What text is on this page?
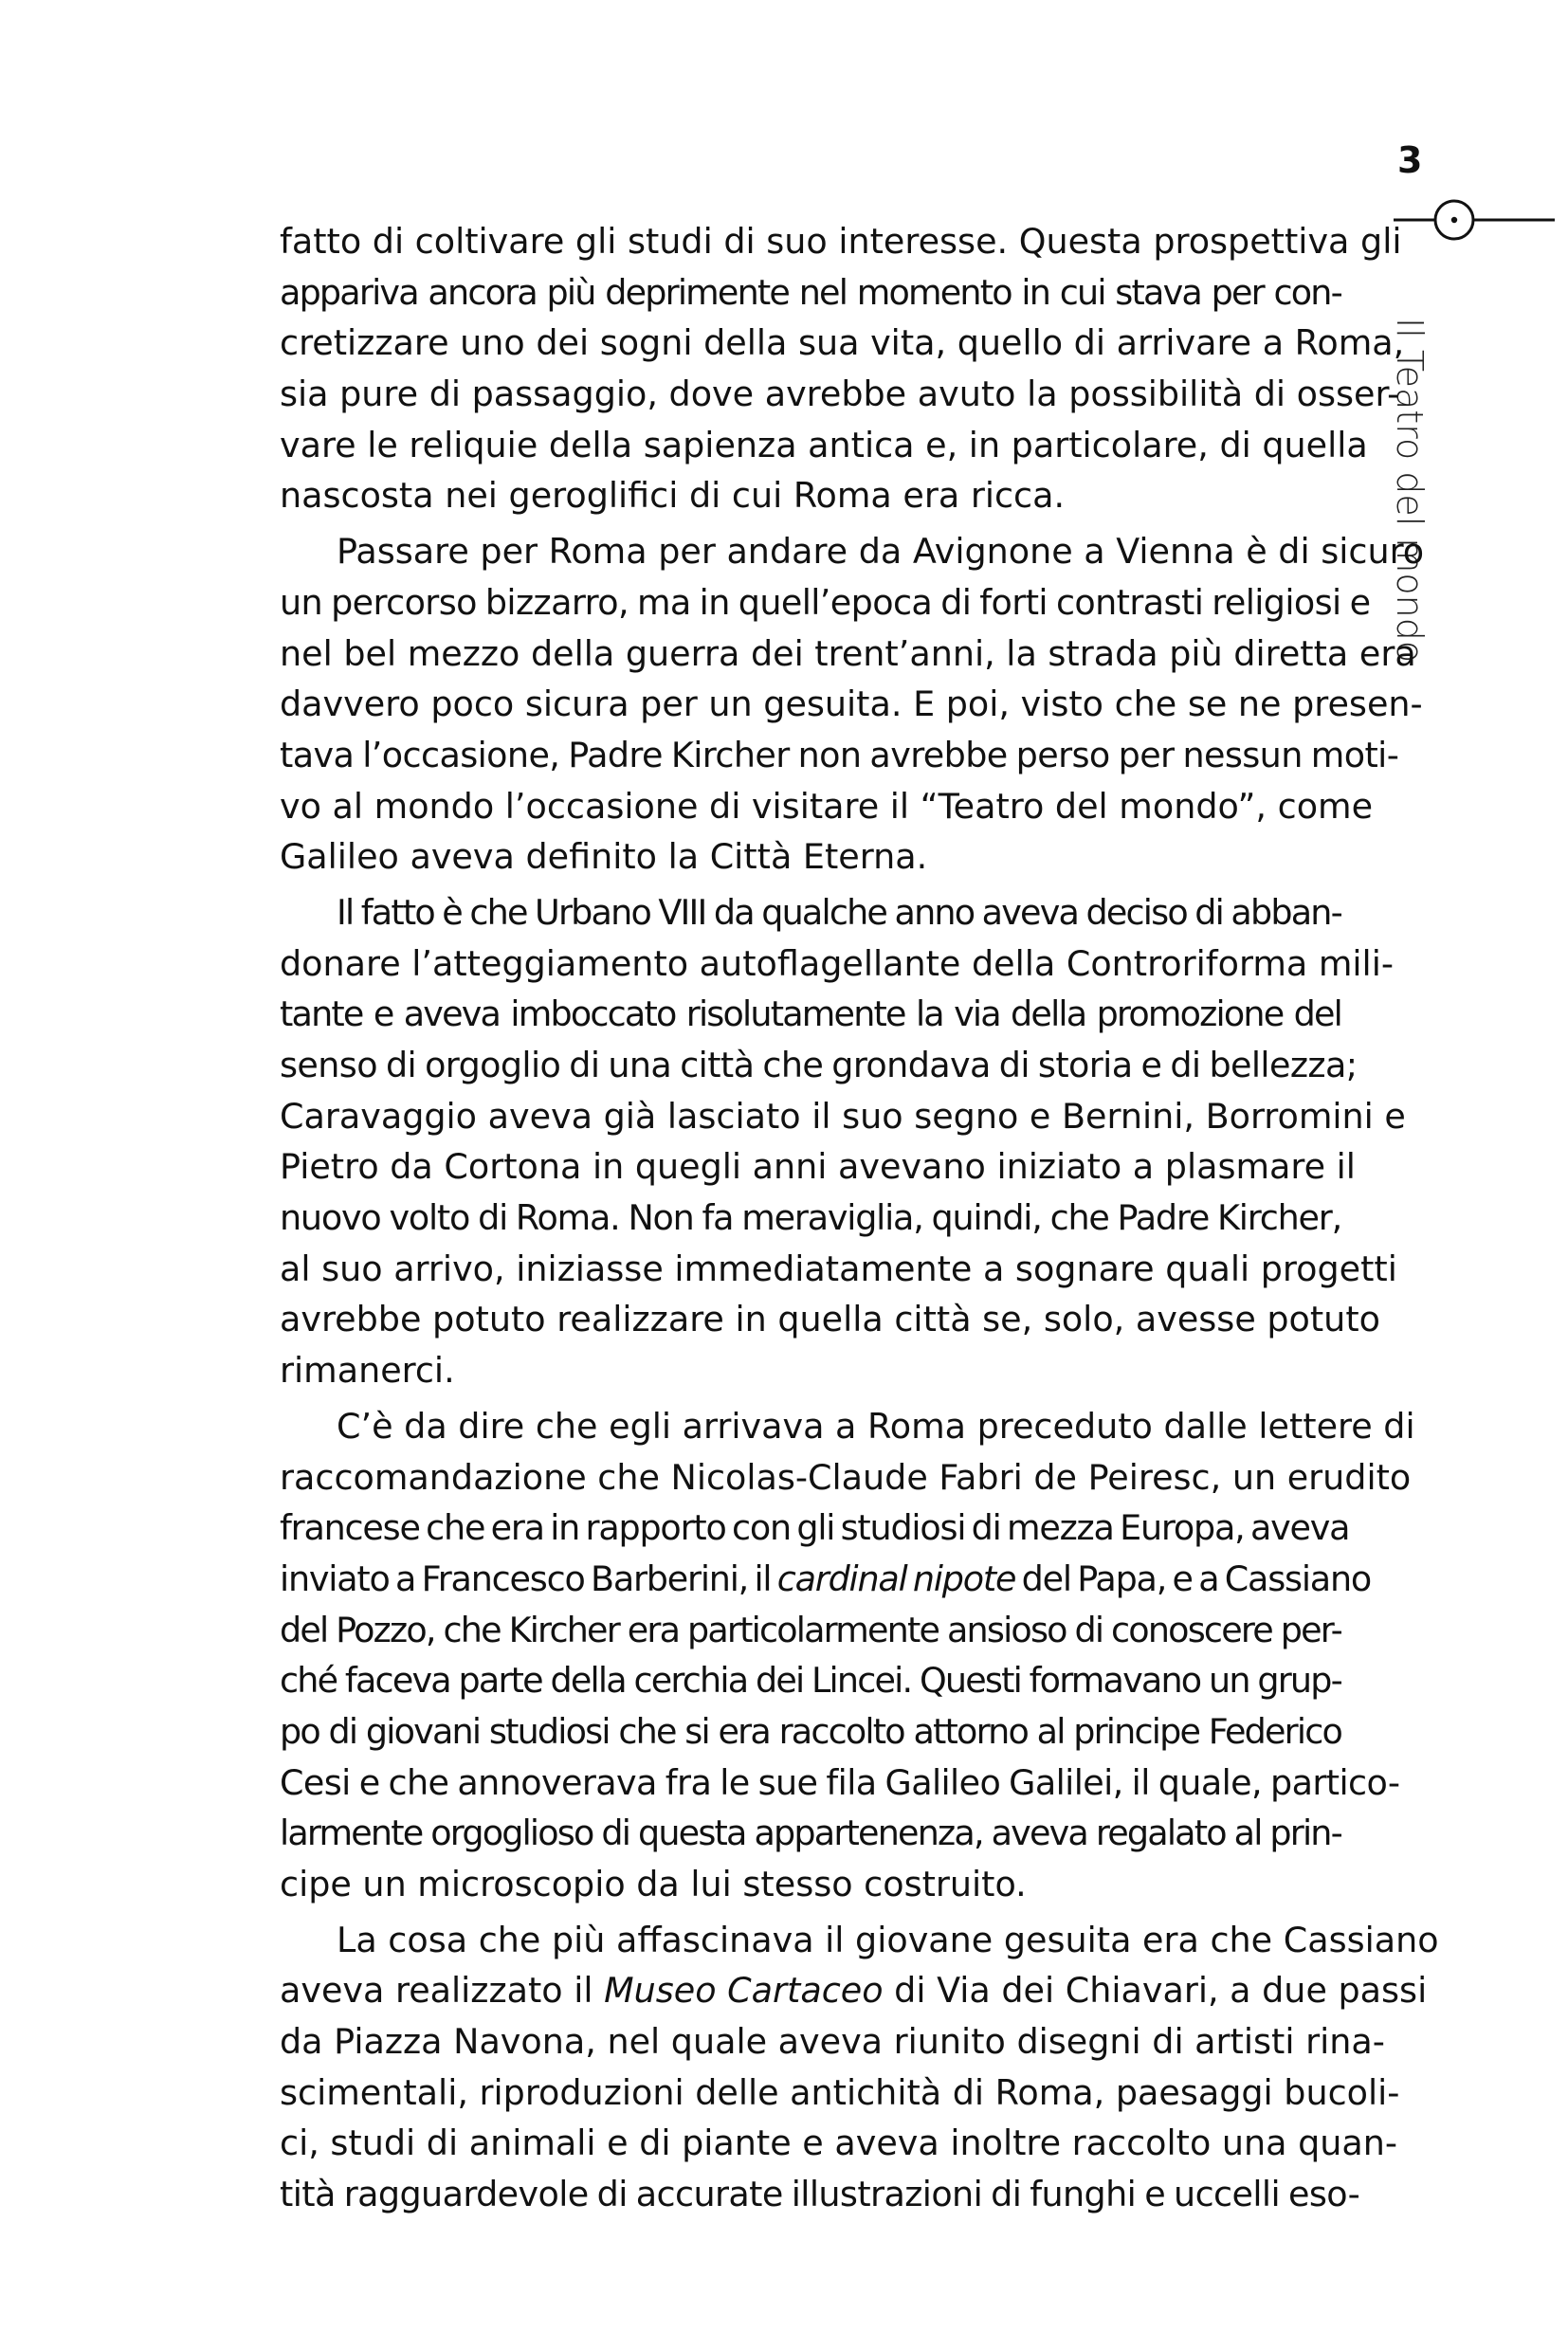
3
Il Teatro del mondo

fatto di coltivare gli studi di suo interesse. Questa prospettiva gli
appariva ancora più deprimente nel momento in cui stava per con-
cretizzare uno dei sogni della sua vita, quello di arrivare a Roma,
sia pure di passaggio, dove avrebbe avuto la possibilità di osser-
vare le reliquie della sapienza antica e, in particolare, di quella
nascosta nei geroglifici di cui Roma era ricca.

Passare per Roma per andare da Avignone a Vienna è di sicuro
un percorso bizzarro, ma in quell’epoca di forti contrasti religiosi e
nel bel mezzo della guerra dei trent’anni, la strada più diretta era
davvero poco sicura per un gesuita. E poi, visto che se ne presen-
tava l’occasione, Padre Kircher non avrebbe perso per nessun moti-
vo al mondo l’occasione di visitare il “Teatro del mondo”, come
Galileo aveva definito la Città Eterna.

Il fatto è che Urbano VIII da qualche anno aveva deciso di abban-
donare l’atteggiamento autoflagellante della Controriforma mili-
tante e aveva imboccato risolutamente la via della promozione del
senso di orgoglio di una città che grondava di storia e di bellezza;
Caravaggio aveva già lasciato il suo segno e Bernini, Borromini e
Pietro da Cortona in quegli anni avevano iniziato a plasmare il
nuovo volto di Roma. Non fa meraviglia, quindi, che Padre Kircher,
al suo arrivo, iniziasse immediatamente a sognare quali progetti
avrebbe potuto realizzare in quella città se, solo, avesse potuto
rimanerci.

C’è da dire che egli arrivava a Roma preceduto dalle lettere di
raccomandazione che Nicolas-Claude Fabri de Peiresc, un erudito
francese che era in rapporto con gli studiosi di mezza Europa, aveva
inviato a Francesco Barberini, il cardinal nipote del Papa, e a Cassiano
del Pozzo, che Kircher era particolarmente ansioso di conoscere per-
ché faceva parte della cerchia dei Lincei. Questi formavano un grup-
po di giovani studiosi che si era raccolto attorno al principe Federico
Cesi e che annoverava fra le sue fila Galileo Galilei, il quale, partico-
larmente orgoglioso di questa appartenenza, aveva regalato al prin-
cipe un microscopio da lui stesso costruito.

La cosa che più affascinava il giovane gesuita era che Cassiano
aveva realizzato il Museo Cartaceo di Via dei Chiavari, a due passi
da Piazza Navona, nel quale aveva riunito disegni di artisti rina-
scimentali, riproduzioni delle antichità di Roma, paesaggi bucoli-
ci, studi di animali e di piante e aveva inoltre raccolto una quan-
tità ragguardevole di accurate illustrazioni di funghi e uccelli eso-
